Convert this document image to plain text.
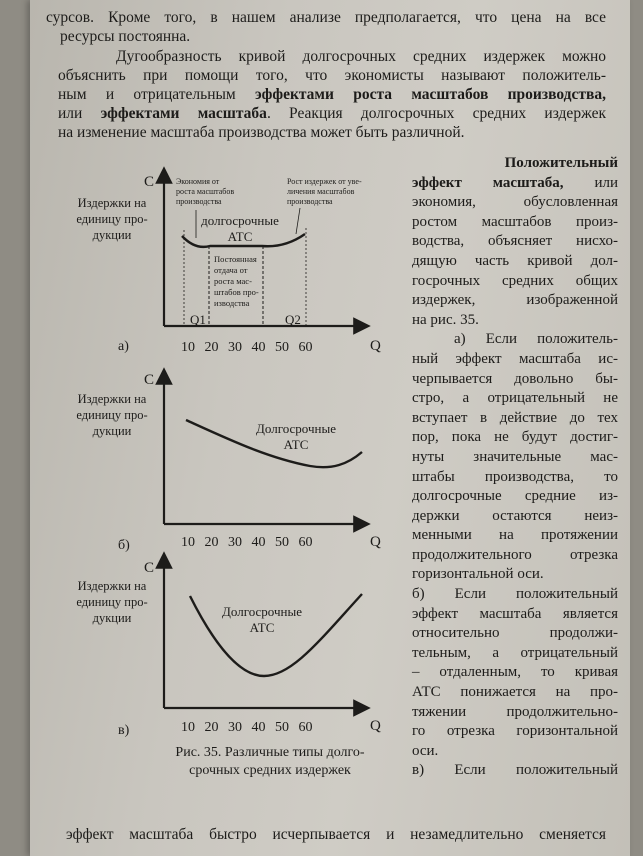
сурсов. Кроме того, в нашем анализе предполагается, что цена на все
ресурсы постоянна.
Дугообразность кривой долгосрочных средних издержек можно
объяснить при помощи того, что экономисты называют положитель-
ным и отрицательным эффектами роста масштабов производства,
или эффектами масштаба. Реакция долгосрочных средних издержек
на изменение масштаба производства может быть различной.
Положительный
эффект масштаба, или
экономия, обусловленная
ростом масштабов произ-
водства, объясняет нисхо-
дящую часть кривой дол-
госрочных средних общих
издержек, изображенной
на рис. 35.
а) Если положитель-
ный эффект масштаба ис-
черпывается довольно бы-
стро, а отрицательный не
вступает в действие до тех
пор, пока не будут достиг-
нуты значительные мас-
штабы производства, то
долгосрочные средние из-
держки остаются неиз-
менными на протяжении
продолжительного отрезка
горизонтальной оси.
б) Если положительный
эффект масштаба является
относительно продолжи-
тельным, а отрицательный
– отдаленным, то кривая
АТС понижается на про-
тяжении продолжительно-
го отрезка горизонтальной
оси.
в) Если положительный
эффект масштаба быстро исчерпывается и незамедлительно сменяется
C
Издержки на
единицу про-
дукции
Экономия от
роста масштабов
производства
Рост издержек от уве-
личения масштабов
производства
долгосрочные
АТС
Постоянная
отдача от
роста мас-
штабов про-
изводства
Q1	Q2
а)	Q
10 20 30 40 50 60
C
Издержки на
единицу про-
дукции	Долгосрочные
АТС
б)	Q
10 20 30 40 50 60
C
Издержки на
единицу про-
дукции	Долгосрочные
АТС
в)	Q
10 20 30 40 50 60
Рис. 35. Различные типы долго-
срочных средних издержек
